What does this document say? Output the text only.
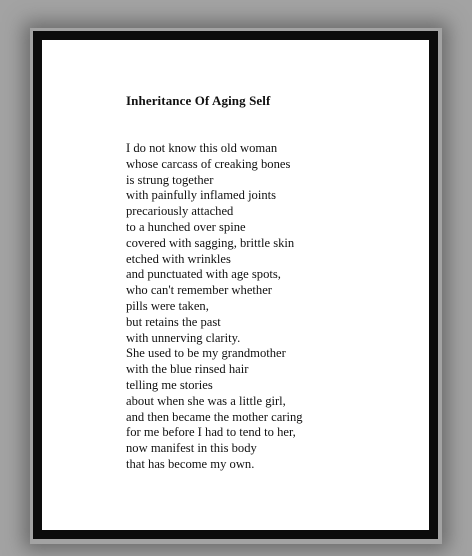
Inheritance Of Aging Self
I do not know this old woman
whose carcass of creaking bones
is strung together
with painfully inflamed joints
precariously attached
to a hunched over spine
covered with sagging, brittle skin
etched with wrinkles
and punctuated with age spots,
who can't remember whether
pills were taken,
but retains the past
with unnerving clarity.
She used to be my grandmother
with the blue rinsed hair
telling me stories
about when she was a little girl,
and then became the mother caring
for me before I had to tend to her,
now manifest in this body
that has become my own.
